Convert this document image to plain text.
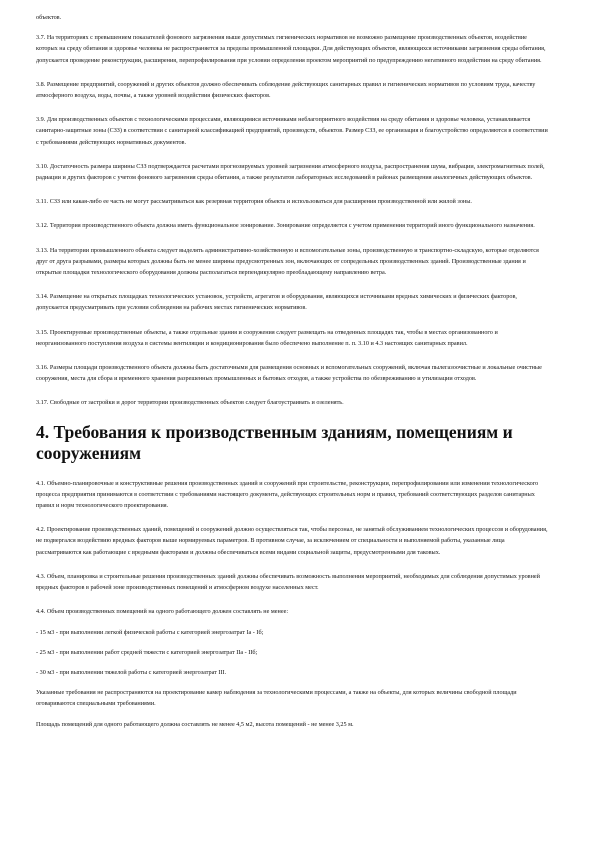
объектов.

3.7. На территориях с превышением показателей фонового загрязнения выше допустимых гигиенических нормативов не возможно размещение производственных объектов, воздействие которых на среду обитания и здоровье человека не распространяется за пределы промышленной площадки. Для действующих объектов, являющихся источниками загрязнения среды обитания, допускается проведение реконструкции, расширения, перепрофилирования при условии определения проектом мероприятий по предупреждению негативного воздействия на среду обитания.

3.8. Размещение предприятий, сооружений и других объектов должно обеспечивать соблюдение действующих санитарных правил и гигиенических нормативов по условиям труда, качеству атмосферного воздуха, воды, почвы, а также уровней воздействия физических факторов.

3.9. Для производственных объектов с технологическими процессами, являющимися источниками неблагоприятного воздействия на среду обитания и здоровье человека, устанавливается санитарно-защитные зоны (СЗЗ) в соответствии с санитарной классификацией предприятий, производств, объектов. Размер СЗЗ, ее организация и благоустройство определяются в соответствии с требованиями действующих нормативных документов.

3.10. Достаточность размера ширины СЗЗ подтверждается расчетами прогнозируемых уровней загрязнения атмосферного воздуха, распространения шума, вибрации, электромагнитных полей, радиации и других факторов с учетом фонового загрязнения среды обитания, а также результатов лабораторных исследований в районах размещения аналогичных действующих объектов.

3.11. СЗЗ или какая-либо ее часть не могут рассматриваться как резервная территория объекта и использоваться для расширения производственной или жилой зоны.

3.12. Территория производственного объекта должна иметь функциональное зонирование. Зонирование определяется с учетом применения территорий иного функционального назначения.

3.13. На территории промышленного объекта следует выделять административно-хозяйственную и вспомогательные зоны, производственную и транспортно-складскую, которые отделяются друг от друга разрывами, размеры которых должны быть не менее ширины предусмотренных зон, включающих от сопредельных производственных зданий. Производственные здания и открытые площадки технологического оборудования должны располагаться перпендикулярно преобладающему направлению ветра.

3.14. Размещение на открытых площадках технологических установок, устройств, агрегатов и оборудования, являющихся источниками вредных химических и физических факторов, допускается предусматривать при условии соблюдения на рабочих местах гигиенических нормативов.

3.15. Проектируемые производственные объекты, а также отдельные здания и сооружения следует размещать на отведенных площадях так, чтобы в местах организованного и неорганизованного поступления воздуха в системы вентиляции и кондиционирования было обеспечено выполнение п. п. 3.10 и 4.3 настоящих санитарных правил.

3.16. Размеры площади производственного объекта должны быть достаточными для размещения основных и вспомогательных сооружений, включая пылегазоочистные и локальные очистные сооружения, места для сбора и временного хранения разрешенных промышленных и бытовых отходов, а также устройства по обезвреживанию и утилизации отходов.

3.17. Свободные от застройки и дорог территории производственных объектов следует благоустраивать и озеленять.

4. Требования к производственным зданиям, помещениям и сооружениям

4.1. Объемно-планировочные и конструктивные решения производственных зданий и сооружений при строительстве, реконструкции, перепрофилировании или изменении технологического процесса предприятия принимаются в соответствии с требованиями настоящего документа, действующих строительных норм и правил, требований соответствующих разделов санитарных правил и норм технологического проектирования.

4.2. Проектирование производственных зданий, помещений и сооружений должно осуществляться так, чтобы персонал, не занятый обслуживанием технологических процессов и оборудования, не подвергался воздействию вредных факторов выше нормируемых параметров. В противном случае, за исключением от специальности и выполняемой работы, указанные лица рассматриваются как работающие с вредными факторами и должны обеспечиваться всеми видами социальной защиты, предусмотренными для таковых.

4.3. Объем, планировка и строительные решения производственных зданий должны обеспечивать возможность выполнения мероприятий, необходимых для соблюдения допустимых уровней вредных факторов в рабочей зоне производственных помещений и атмосферном воздухе населенных мест.

4.4. Объем производственных помещений на одного работающего должен составлять не менее:

- 15 м3 - при выполнении легкой физической работы с категорией энергозатрат Iа - Iб;

- 25 м3 - при выполнении работ средней тяжести с категорией энергозатрат IIа - IIб;

- 30 м3 - при выполнении тяжелой работы с категорией энергозатрат III.

Указанные требования не распространяются на проектирование камер наблюдения за технологическими процессами, а также на объекты, для которых величины свободной площади оговариваются специальными требованиями.

Площадь помещений для одного работающего должна составлять не менее 4,5 м2, высота помещений - не менее 3,25 м.
